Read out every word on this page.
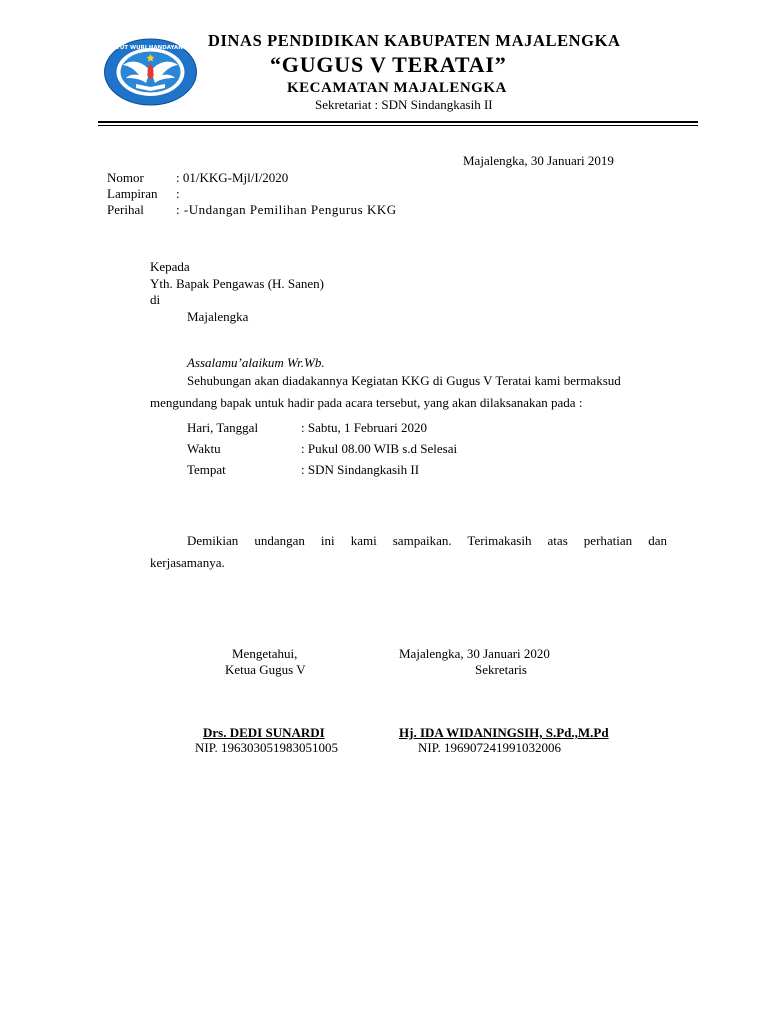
TUT WURI HANDAYANI DINAS PENDIDIKAN KABUPATEN MAJALENGKA
“GUGUS V TERATAI”
KECAMATAN MAJALENGKA
Sekretariat : SDN Sindangkasih II
Majalengka, 30 Januari 2019
Nomor : 01/KKG-Mjl/I/2020
Lampiran :
Perihal : -Undangan Pemilihan Pengurus KKG
Kepada
Yth. Bapak Pengawas (H. Sanen)
di
Majalengka
Assalamu’alaikum Wr.Wb.
Sehubungan akan diadakannya Kegiatan KKG di Gugus V Teratai kami bermaksud
mengundang bapak untuk hadir pada acara tersebut, yang akan dilaksanakan pada :
Hari, Tanggal	: Sabtu, 1 Februari 2020
Waktu	: Pukul 08.00 WIB s.d Selesai
Tempat	: SDN Sindangkasih II
Demikian undangan ini kami sampaikan. Terimakasih atas perhatian dan
kerjasamanya.
Mengetahui,
Ketua Gugus V
Drs. DEDI SUNARDI
NIP. 196303051983051005
Majalengka, 30 Januari 2020
Sekretaris
Hj. IDA WIDANINGSIH, S.Pd.,M.Pd
NIP. 196907241991032006
